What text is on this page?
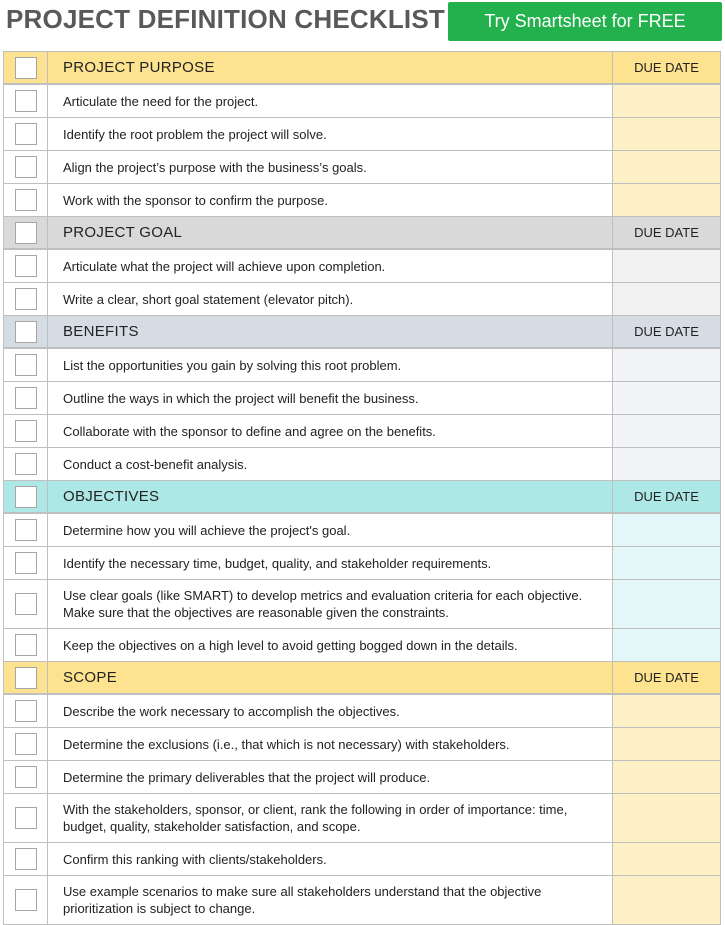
PROJECT DEFINITION CHECKLIST	Try Smartsheet for FREE
PROJECT PURPOSE	DUE DATE
Articulate the need for the project.
Identify the root problem the project will solve.
Align the project’s purpose with the business’s goals.
Work with the sponsor to confirm the purpose.
PROJECT GOAL	DUE DATE
Articulate what the project will achieve upon completion.
Write a clear, short goal statement (elevator pitch).
BENEFITS	DUE DATE
List the opportunities you gain by solving this root problem.
Outline the ways in which the project will benefit the business.
Collaborate with the sponsor to define and agree on the benefits.
Conduct a cost-benefit analysis.
OBJECTIVES	DUE DATE
Determine how you will achieve the project's goal.
Identify the necessary time, budget, quality, and stakeholder requirements.
Use clear goals (like SMART) to develop metrics and evaluation criteria for each objective. Make sure that the objectives are reasonable given the constraints.
Keep the objectives on a high level to avoid getting bogged down in the details.
SCOPE	DUE DATE
Describe the work necessary to accomplish the objectives.
Determine the exclusions (i.e., that which is not necessary) with stakeholders.
Determine the primary deliverables that the project will produce.
With the stakeholders, sponsor, or client, rank the following in order of importance: time, budget, quality, stakeholder satisfaction, and scope.
Confirm this ranking with clients/stakeholders.
Use example scenarios to make sure all stakeholders understand that the objective prioritization is subject to change.
